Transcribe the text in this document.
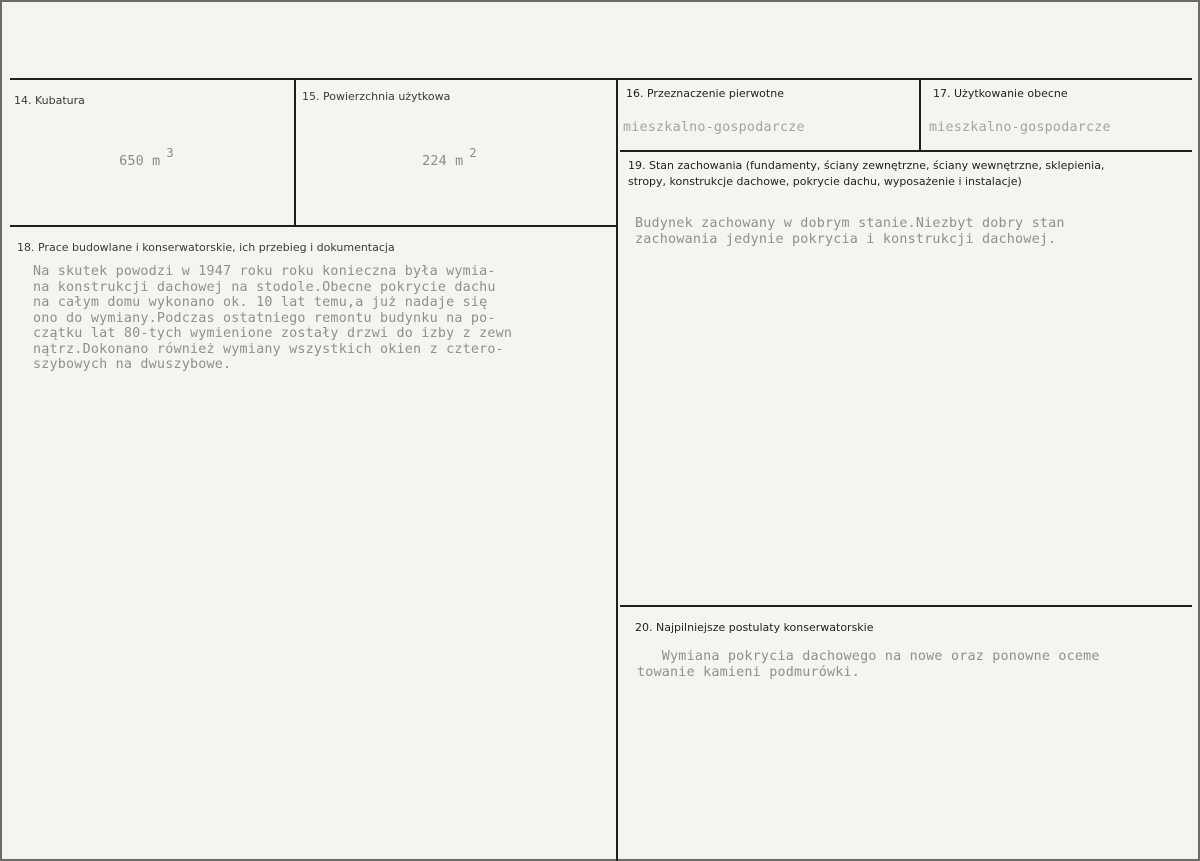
14. Kubatura

650 m3

15. Powierzchnia użytkowa

224 m2

16. Przeznaczenie pierwotne
mieszkalno-gospodarcze
17. Użytkowanie obecne
mieszkalno-gospodarcze
18. Prace budowlane i konserwatorskie, ich przebieg i dokumentacja
Na skutek powodzi w 1947 roku roku konieczna była wymia-
na konstrukcji dachowej na stodole.Obecne pokrycie dachu
na całym domu wykonano ok. 10 lat temu,a już nadaje się
ono do wymiany.Podczas ostatniego remontu budynku na po-
czątku lat 80-tych wymienione zostały drzwi do izby z zewn
nątrz.Dokonano również wymiany wszystkich okien z cztero-
szybowych na dwuszybowe.
19. Stan zachowania (fundamenty, ściany zewnętrzne, ściany wewnętrzne, sklepienia,
stropy, konstrukcje dachowe, pokrycie dachu, wyposażenie i instalacje)
Budynek zachowany w dobrym stanie.Niezbyt dobry stan
zachowania jedynie pokrycia i konstrukcji dachowej.
20. Najpilniejsze postulaty konserwatorskie
Wymiana pokrycia dachowego na nowe oraz ponowne oceme
towanie kamieni podmurówki.
